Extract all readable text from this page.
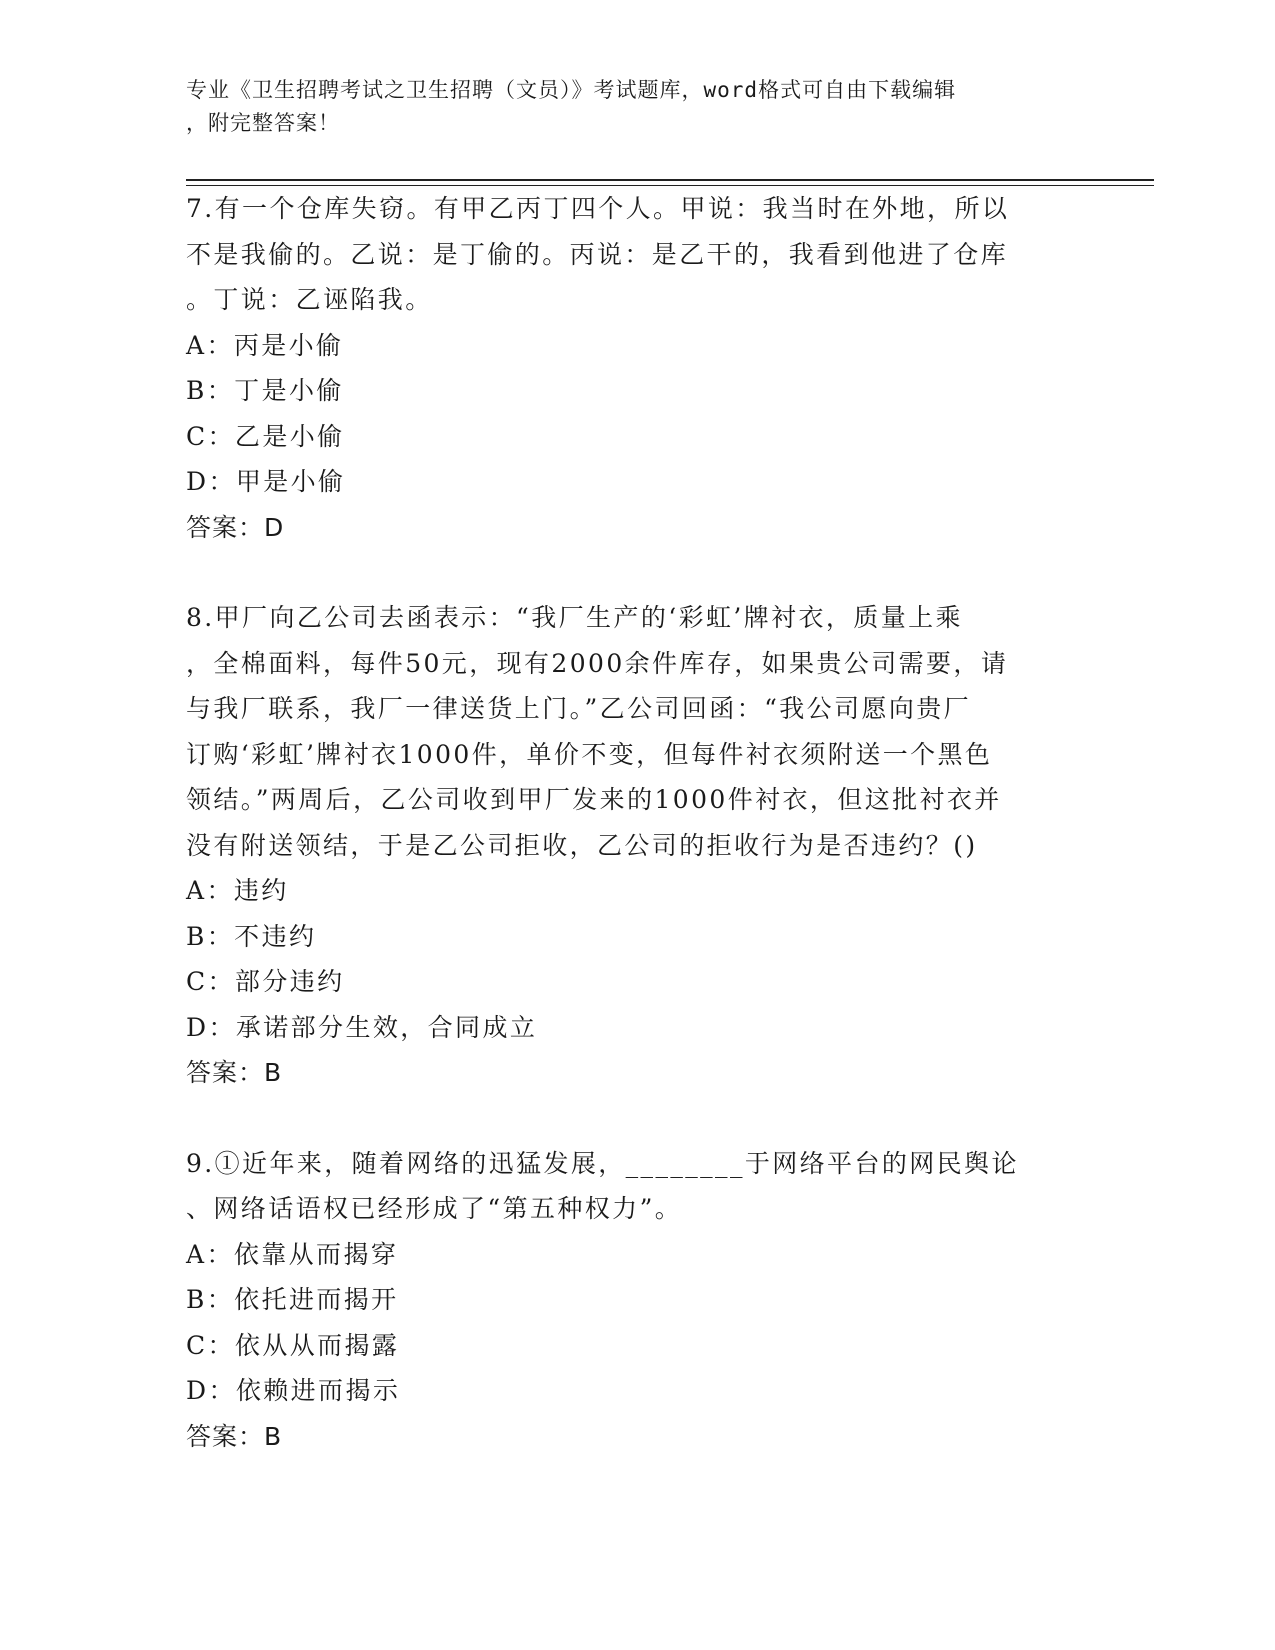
专业《卫生招聘考试之卫生招聘（文员）》考试题库，word格式可自由下载编辑
，附完整答案！
7.有一个仓库失窃。有甲乙丙丁四个人。甲说：我当时在外地，所以
不是我偷的。乙说：是丁偷的。丙说：是乙干的，我看到他进了仓库
。丁说：乙诬陷我。
A：丙是小偷
B：丁是小偷
C：乙是小偷
D：甲是小偷
答案：D
8.甲厂向乙公司去函表示：“我厂生产的‘彩虹’牌衬衣，质量上乘
，全棉面料，每件50元，现有2000余件库存，如果贵公司需要，请
与我厂联系，我厂一律送货上门。”乙公司回函：“我公司愿向贵厂
订购‘彩虹’牌衬衣1000件，单价不变，但每件衬衣须附送一个黑色
领结。”两周后，乙公司收到甲厂发来的1000件衬衣，但这批衬衣并
没有附送领结，于是乙公司拒收，乙公司的拒收行为是否违约？()
A：违约
B：不违约
C：部分违约
D：承诺部分生效，合同成立
答案：B
9.①近年来，随着网络的迅猛发展，________于网络平台的网民舆论
、网络话语权已经形成了“第五种权力”。
A：依靠从而揭穿
B：依托进而揭开
C：依从从而揭露
D：依赖进而揭示
答案：B
